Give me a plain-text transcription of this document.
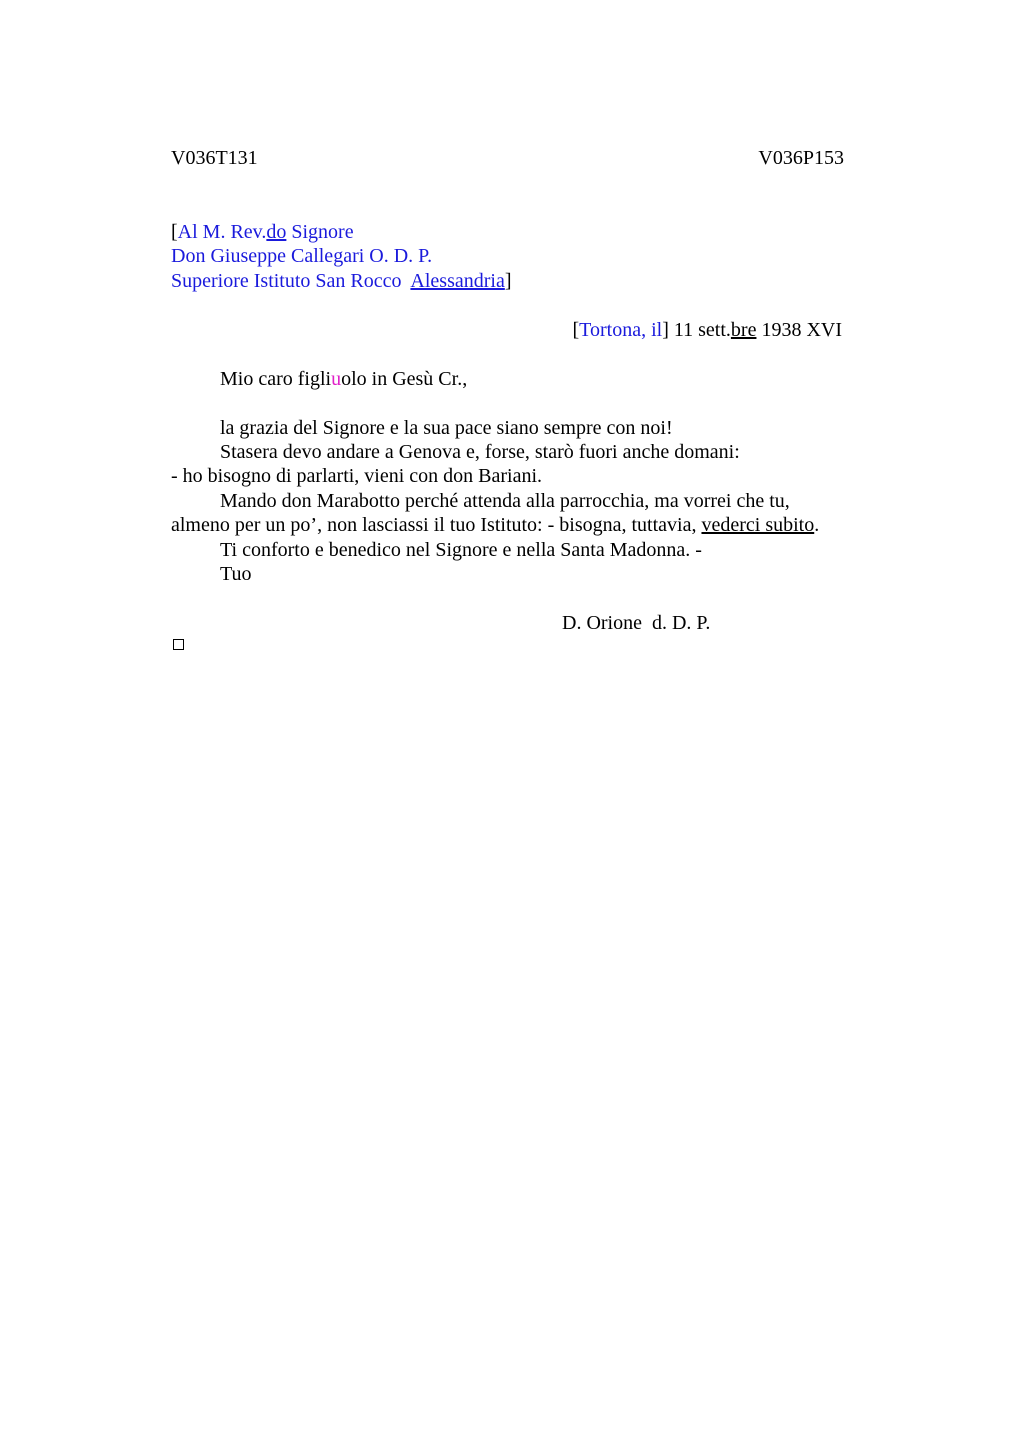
V036T131	V036P153
[Al M. Rev.do Signore
Don Giuseppe Callegari O. D. P.
Superiore Istituto San Rocco  Alessandria]
[Tortona, il] 11 sett.bre 1938 XVI
Mio caro figliuolo in Gesù Cr.,
la grazia del Signore e la sua pace siano sempre con noi!
Stasera devo andare a Genova e, forse, starò fuori anche domani:
- ho bisogno di parlarti, vieni con don Bariani.
Mando don Marabotto perché attenda alla parrocchia, ma vorrei che tu,
almeno per un po’, non lasciassi il tuo Istituto: - bisogna, tuttavia, vederci subito.
Ti conforto e benedico nel Signore e nella Santa Madonna. -
Tuo
D. Orione  d. D. P.
